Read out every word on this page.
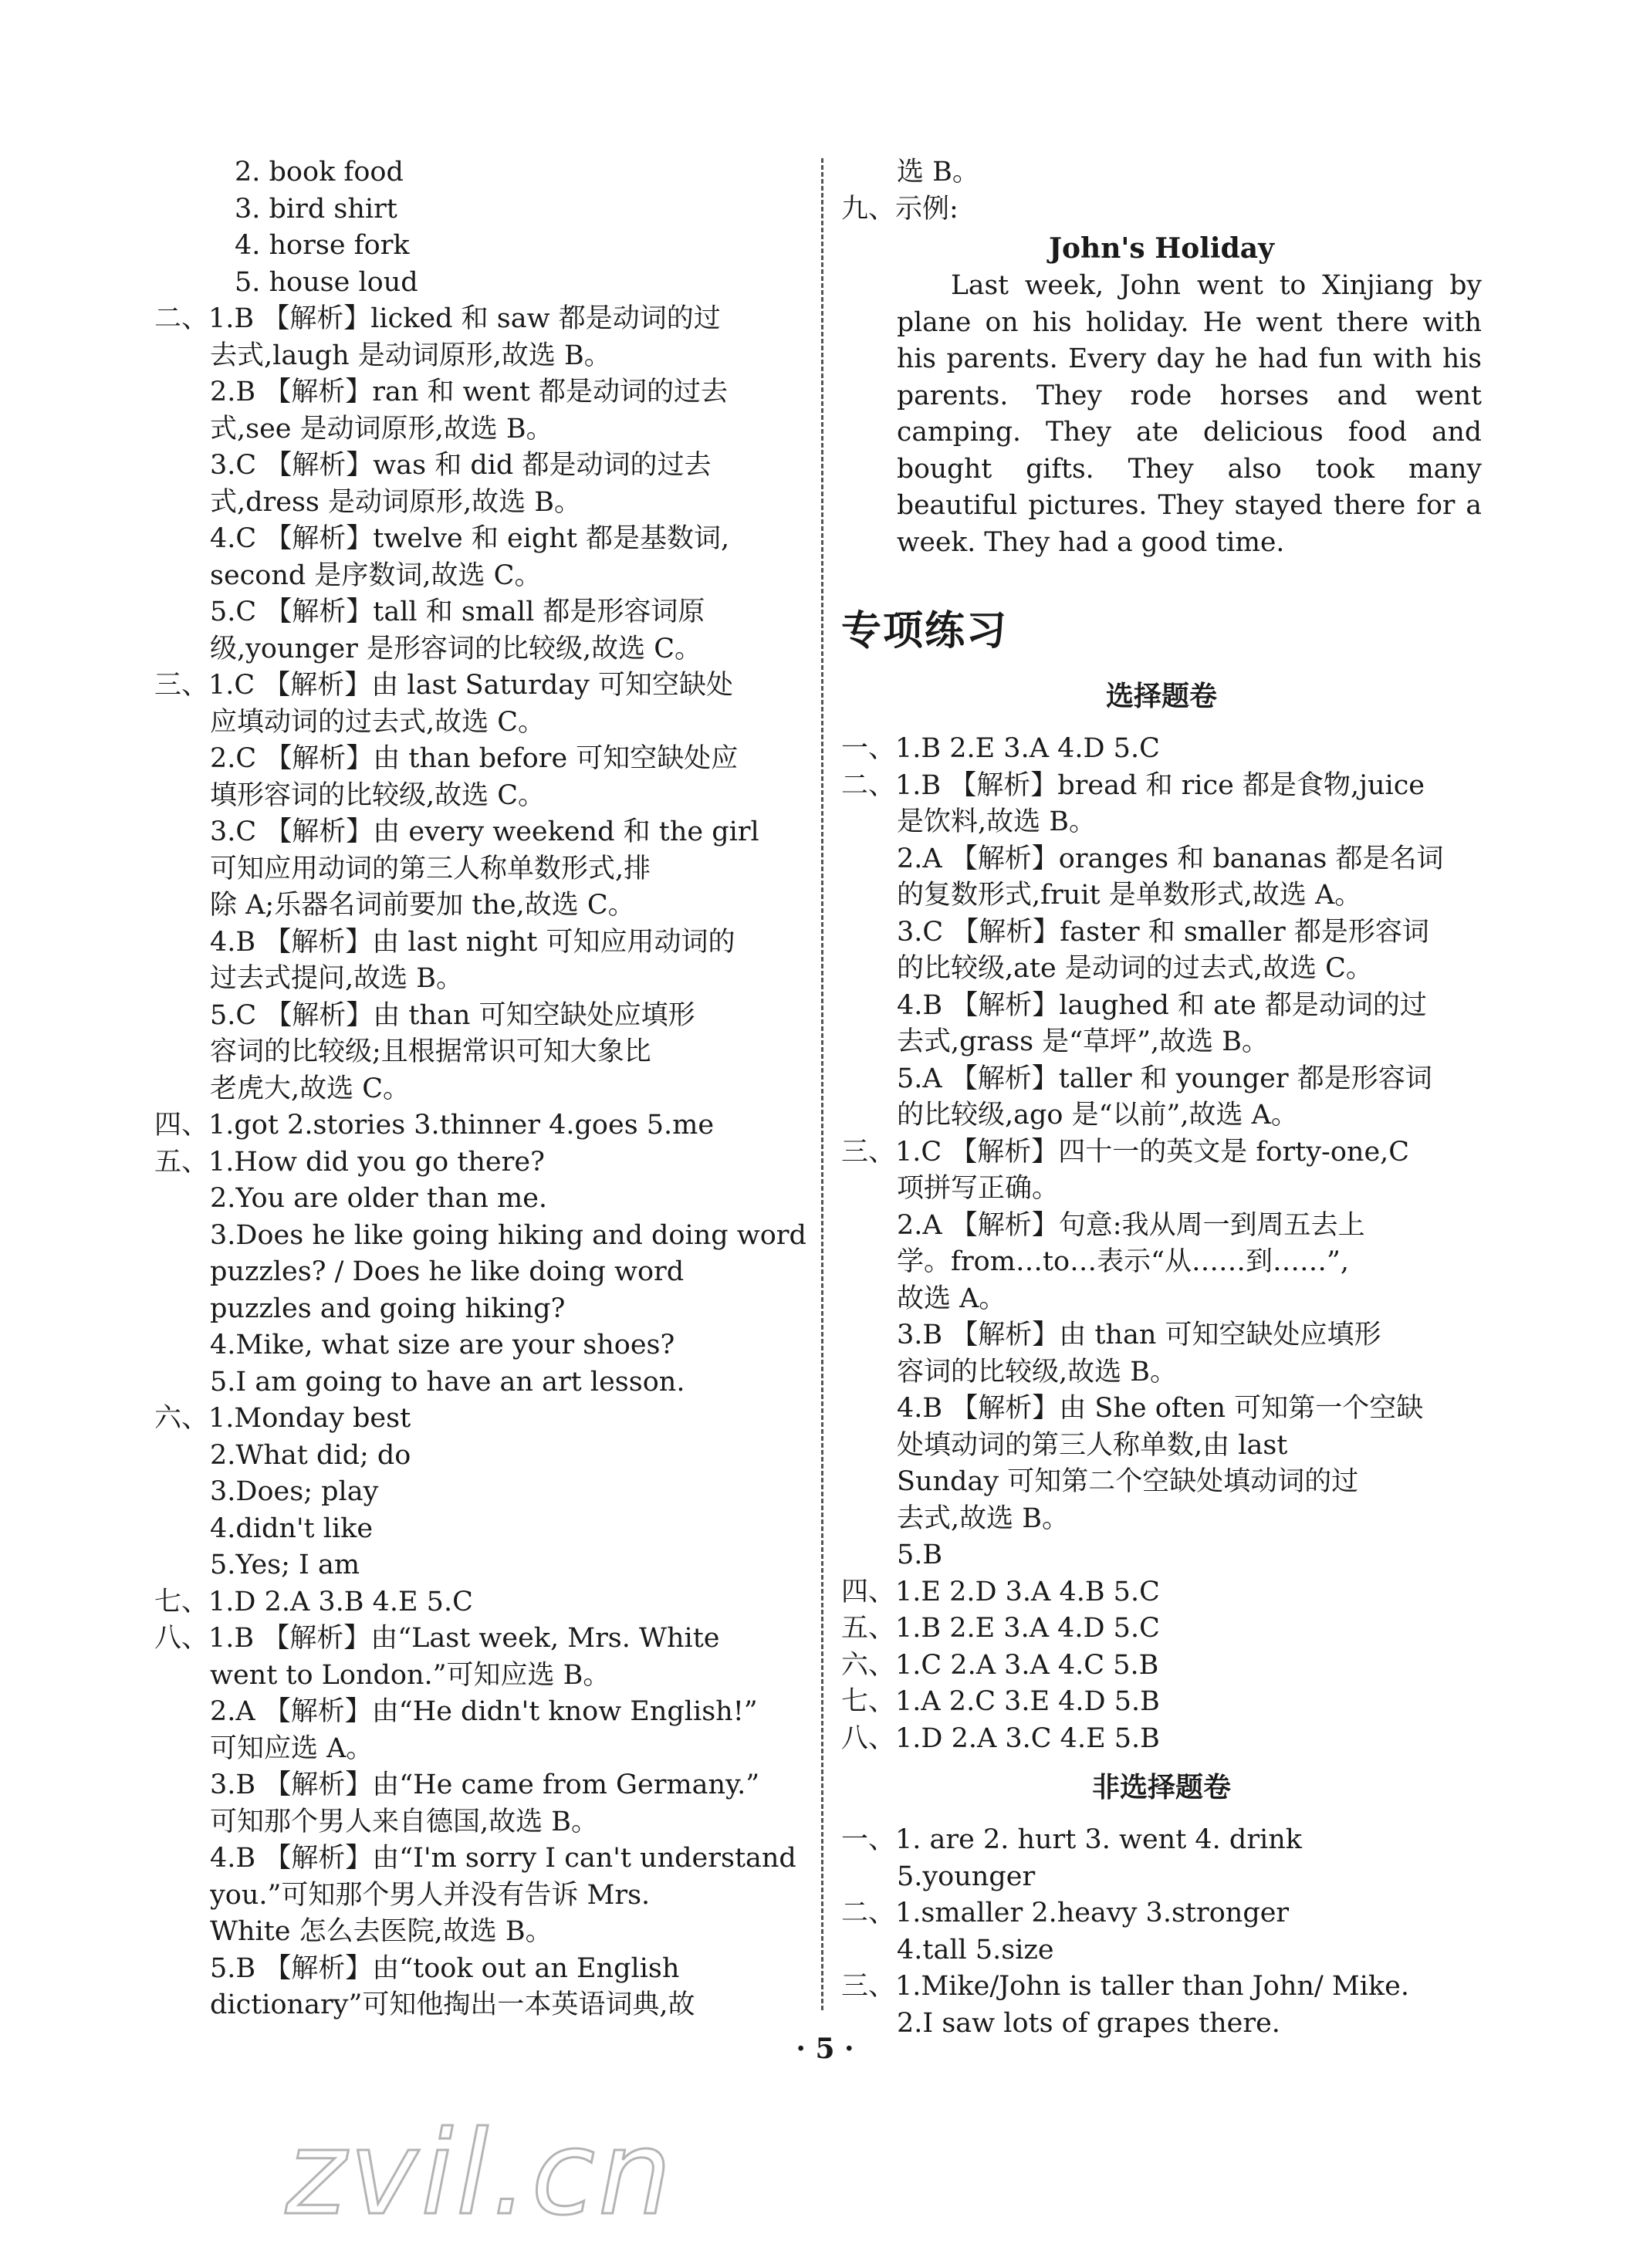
2. book food
3. bird shirt
4. horse fork
5. house loud
二、1.B 【解析】licked 和 saw 都是动词的过
去式,laugh 是动词原形,故选 B。
2.B 【解析】ran 和 went 都是动词的过去
式,see 是动词原形,故选 B。
3.C 【解析】was 和 did 都是动词的过去
式,dress 是动词原形,故选 B。
4.C 【解析】twelve 和 eight 都是基数词,
second 是序数词,故选 C。
5.C 【解析】tall 和 small 都是形容词原
级,younger 是形容词的比较级,故选 C。
三、1.C 【解析】由 last Saturday 可知空缺处
应填动词的过去式,故选 C。
2.C 【解析】由 than before 可知空缺处应
填形容词的比较级,故选 C。
3.C 【解析】由 every weekend 和 the girl
可知应用动词的第三人称单数形式,排
除 A;乐器名词前要加 the,故选 C。
4.B 【解析】由 last night 可知应用动词的
过去式提问,故选 B。
5.C 【解析】由 than 可知空缺处应填形
容词的比较级;且根据常识可知大象比
老虎大,故选 C。
四、1.got 2.stories 3.thinner 4.goes 5.me
五、1.How did you go there?
2.You are older than me.
3.Does he like going hiking and doing word
puzzles? / Does he like doing word
puzzles and going hiking?
4.Mike, what size are your shoes?
5.I am going to have an art lesson.
六、1.Monday best
2.What did; do
3.Does; play
4.didn't like
5.Yes; I am
七、1.D 2.A 3.B 4.E 5.C
八、1.B 【解析】由“Last week, Mrs. White
went to London.”可知应选 B。
2.A 【解析】由“He didn't know English!”
可知应选 A。
3.B 【解析】由“He came from Germany.”
可知那个男人来自德国,故选 B。
4.B 【解析】由“I'm sorry I can't understand
you.”可知那个男人并没有告诉 Mrs.
White 怎么去医院,故选 B。
5.B 【解析】由“took out an English
dictionary”可知他掏出一本英语词典,故
选 B。
九、示例:
John's Holiday
Last week, John went to Xinjiang by plane on his holiday. He went there with his parents. Every day he had fun with his parents. They rode horses and went camping. They ate delicious food and bought gifts. They also took many beautiful pictures. They stayed there for a week. They had a good time.
专项练习
选择题卷
一、1.B 2.E 3.A 4.D 5.C
二、1.B 【解析】bread 和 rice 都是食物,juice
是饮料,故选 B。
2.A 【解析】oranges 和 bananas 都是名词
的复数形式,fruit 是单数形式,故选 A。
3.C 【解析】faster 和 smaller 都是形容词
的比较级,ate 是动词的过去式,故选 C。
4.B 【解析】laughed 和 ate 都是动词的过
去式,grass 是“草坪”,故选 B。
5.A 【解析】taller 和 younger 都是形容词
的比较级,ago 是“以前”,故选 A。
三、1.C 【解析】四十一的英文是 forty-one,C
项拼写正确。
2.A 【解析】句意:我从周一到周五去上
学。from…to…表示“从……到……”,
故选 A。
3.B 【解析】由 than 可知空缺处应填形
容词的比较级,故选 B。
4.B 【解析】由 She often 可知第一个空缺
处填动词的第三人称单数,由 last
Sunday 可知第二个空缺处填动词的过
去式,故选 B。
5.B
四、1.E 2.D 3.A 4.B 5.C
五、1.B 2.E 3.A 4.D 5.C
六、1.C 2.A 3.A 4.C 5.B
七、1.A 2.C 3.E 4.D 5.B
八、1.D 2.A 3.C 4.E 5.B
非选择题卷
一、1. are 2. hurt 3. went 4. drink
5.younger
二、1.smaller 2.heavy 3.stronger
4.tall 5.size
三、1.Mike/John is taller than John/ Mike.
2.I saw lots of grapes there.
· 5 ·
zvil.cn
